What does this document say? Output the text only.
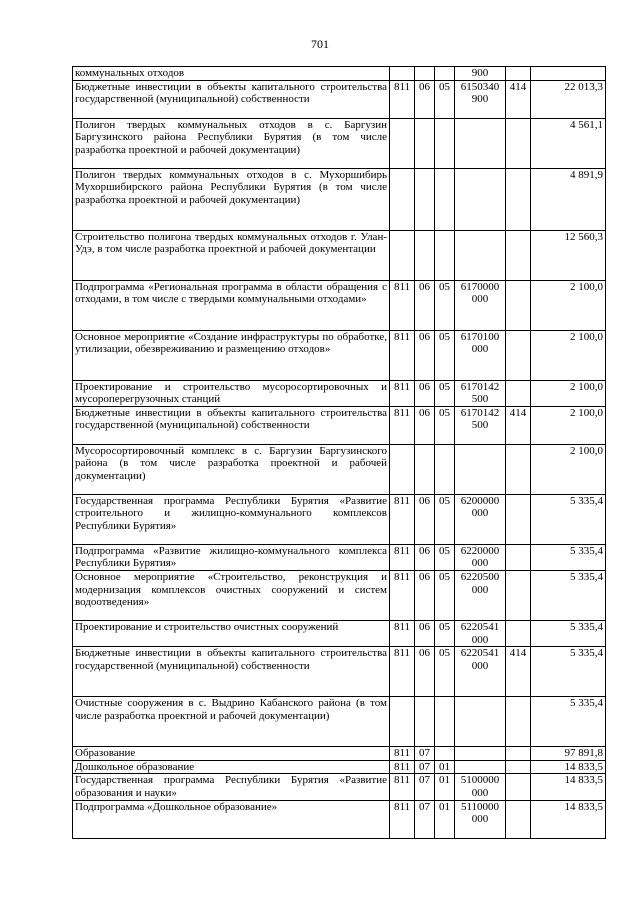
701
коммунальных отходов				900		
Бюджетные инвестиции в объекты капитального строительства государственной (муниципальной) собственности	811	06	05	6150340 900	414	22 013,3
Полигон твердых коммунальных отходов в с. Баргузин Баргузинского района Республики Бурятия (в том числе разработка проектной и рабочей документации)						4 561,1
Полигон твердых коммунальных отходов в с. Мухоршибирь Мухоршибирского района Республики Бурятия (в том числе разработка проектной и рабочей документации)						4 891,9
Строительство полигона твердых коммунальных отходов г. Улан-Удэ, в том числе разработка проектной и рабочей документации						12 560,3
Подпрограмма «Региональная программа в области обращения с отходами, в том числе с твердыми коммунальными отходами»	811	06	05	6170000 000		2 100,0
Основное мероприятие «Создание инфраструктуры по обработке, утилизации, обезвреживанию и размещению отходов»	811	06	05	6170100 000		2 100,0
Проектирование и строительство мусоросортировочных и мусороперегрузочных станций	811	06	05	6170142 500		2 100,0
Бюджетные инвестиции в объекты капитального строительства государственной (муниципальной) собственности	811	06	05	6170142 500	414	2 100,0
Мусоросортировочный комплекс в с. Баргузин Баргузинского района (в том числе разработка проектной и рабочей документации)						2 100,0
Государственная программа Республики Бурятия «Развитие строительного и жилищно-коммунального комплексов Республики Бурятия»	811	06	05	6200000 000		5 335,4
Подпрограмма «Развитие жилищно-коммунального комплекса Республики Бурятия»	811	06	05	6220000 000		5 335,4
Основное мероприятие «Строительство, реконструкция и модернизация комплексов очистных сооружений и систем водоотведения»	811	06	05	6220500 000		5 335,4
Проектирование и строительство очистных сооружений	811	06	05	6220541 000		5 335,4
Бюджетные инвестиции в объекты капитального строительства государственной (муниципальной) собственности	811	06	05	6220541 000	414	5 335,4
Очистные сооружения в с. Выдрино Кабанского района (в том числе разработка проектной и рабочей документации)						5 335,4
Образование	811	07				97 891,8
Дошкольное образование	811	07	01			14 833,5
Государственная программа Республики Бурятия «Развитие образования и науки»	811	07	01	5100000 000		14 833,5
Подпрограмма «Дошкольное образование»	811	07	01	5110000 000		14 833,5
